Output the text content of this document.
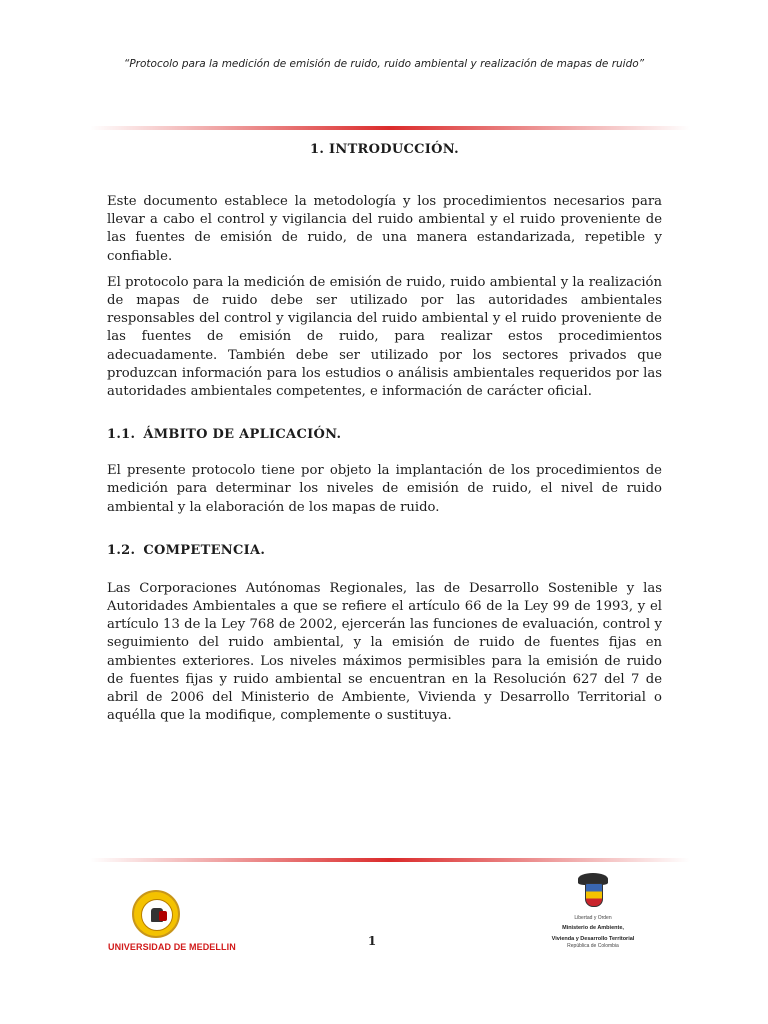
“Protocolo para la medición de emisión de ruido, ruido ambiental y realización de mapas de ruido”
1. INTRODUCCIÓN.

Este documento establece la metodología y los procedimientos necesarios para llevar a cabo el control y vigilancia del ruido ambiental y el ruido proveniente de las fuentes de emisión de ruido, de una manera estandarizada, repetible y confiable.

El protocolo para la medición de emisión de ruido, ruido ambiental y la realización de mapas de ruido debe ser utilizado por las autoridades ambientales responsables del control y vigilancia del ruido ambiental y el ruido proveniente de las fuentes de emisión de ruido, para realizar estos procedimientos adecuadamente. También debe ser utilizado por los sectores privados que produzcan información para los estudios o análisis ambientales requeridos por las autoridades ambientales competentes, e información de carácter oficial.

1.1. ÁMBITO DE APLICACIÓN.

El presente protocolo tiene por objeto la implantación de los procedimientos de medición para determinar los niveles de emisión de ruido, el nivel de ruido ambiental y la elaboración de los mapas de ruido.

1.2. COMPETENCIA.

Las Corporaciones Autónomas Regionales, las de Desarrollo Sostenible y las Autoridades Ambientales a que se refiere el artículo 66 de la Ley 99 de 1993, y el artículo 13 de la Ley 768 de 2002, ejercerán las funciones de evaluación, control y seguimiento del ruido ambiental, y la emisión de ruido de fuentes fijas en ambientes exteriores. Los niveles máximos permisibles para la emisión de ruido de fuentes fijas y ruido ambiental se encuentran en la Resolución 627 del 7 de abril de 2006 del Ministerio de Ambiente, Vivienda y Desarrollo Territorial o aquélla que la modifique, complemente o sustituya.

UNIVERSIDAD DE MEDELLIN	1
Libertad y Orden
Ministerio de Ambiente,
Vivienda y Desarrollo Territorial
República de Colombia
